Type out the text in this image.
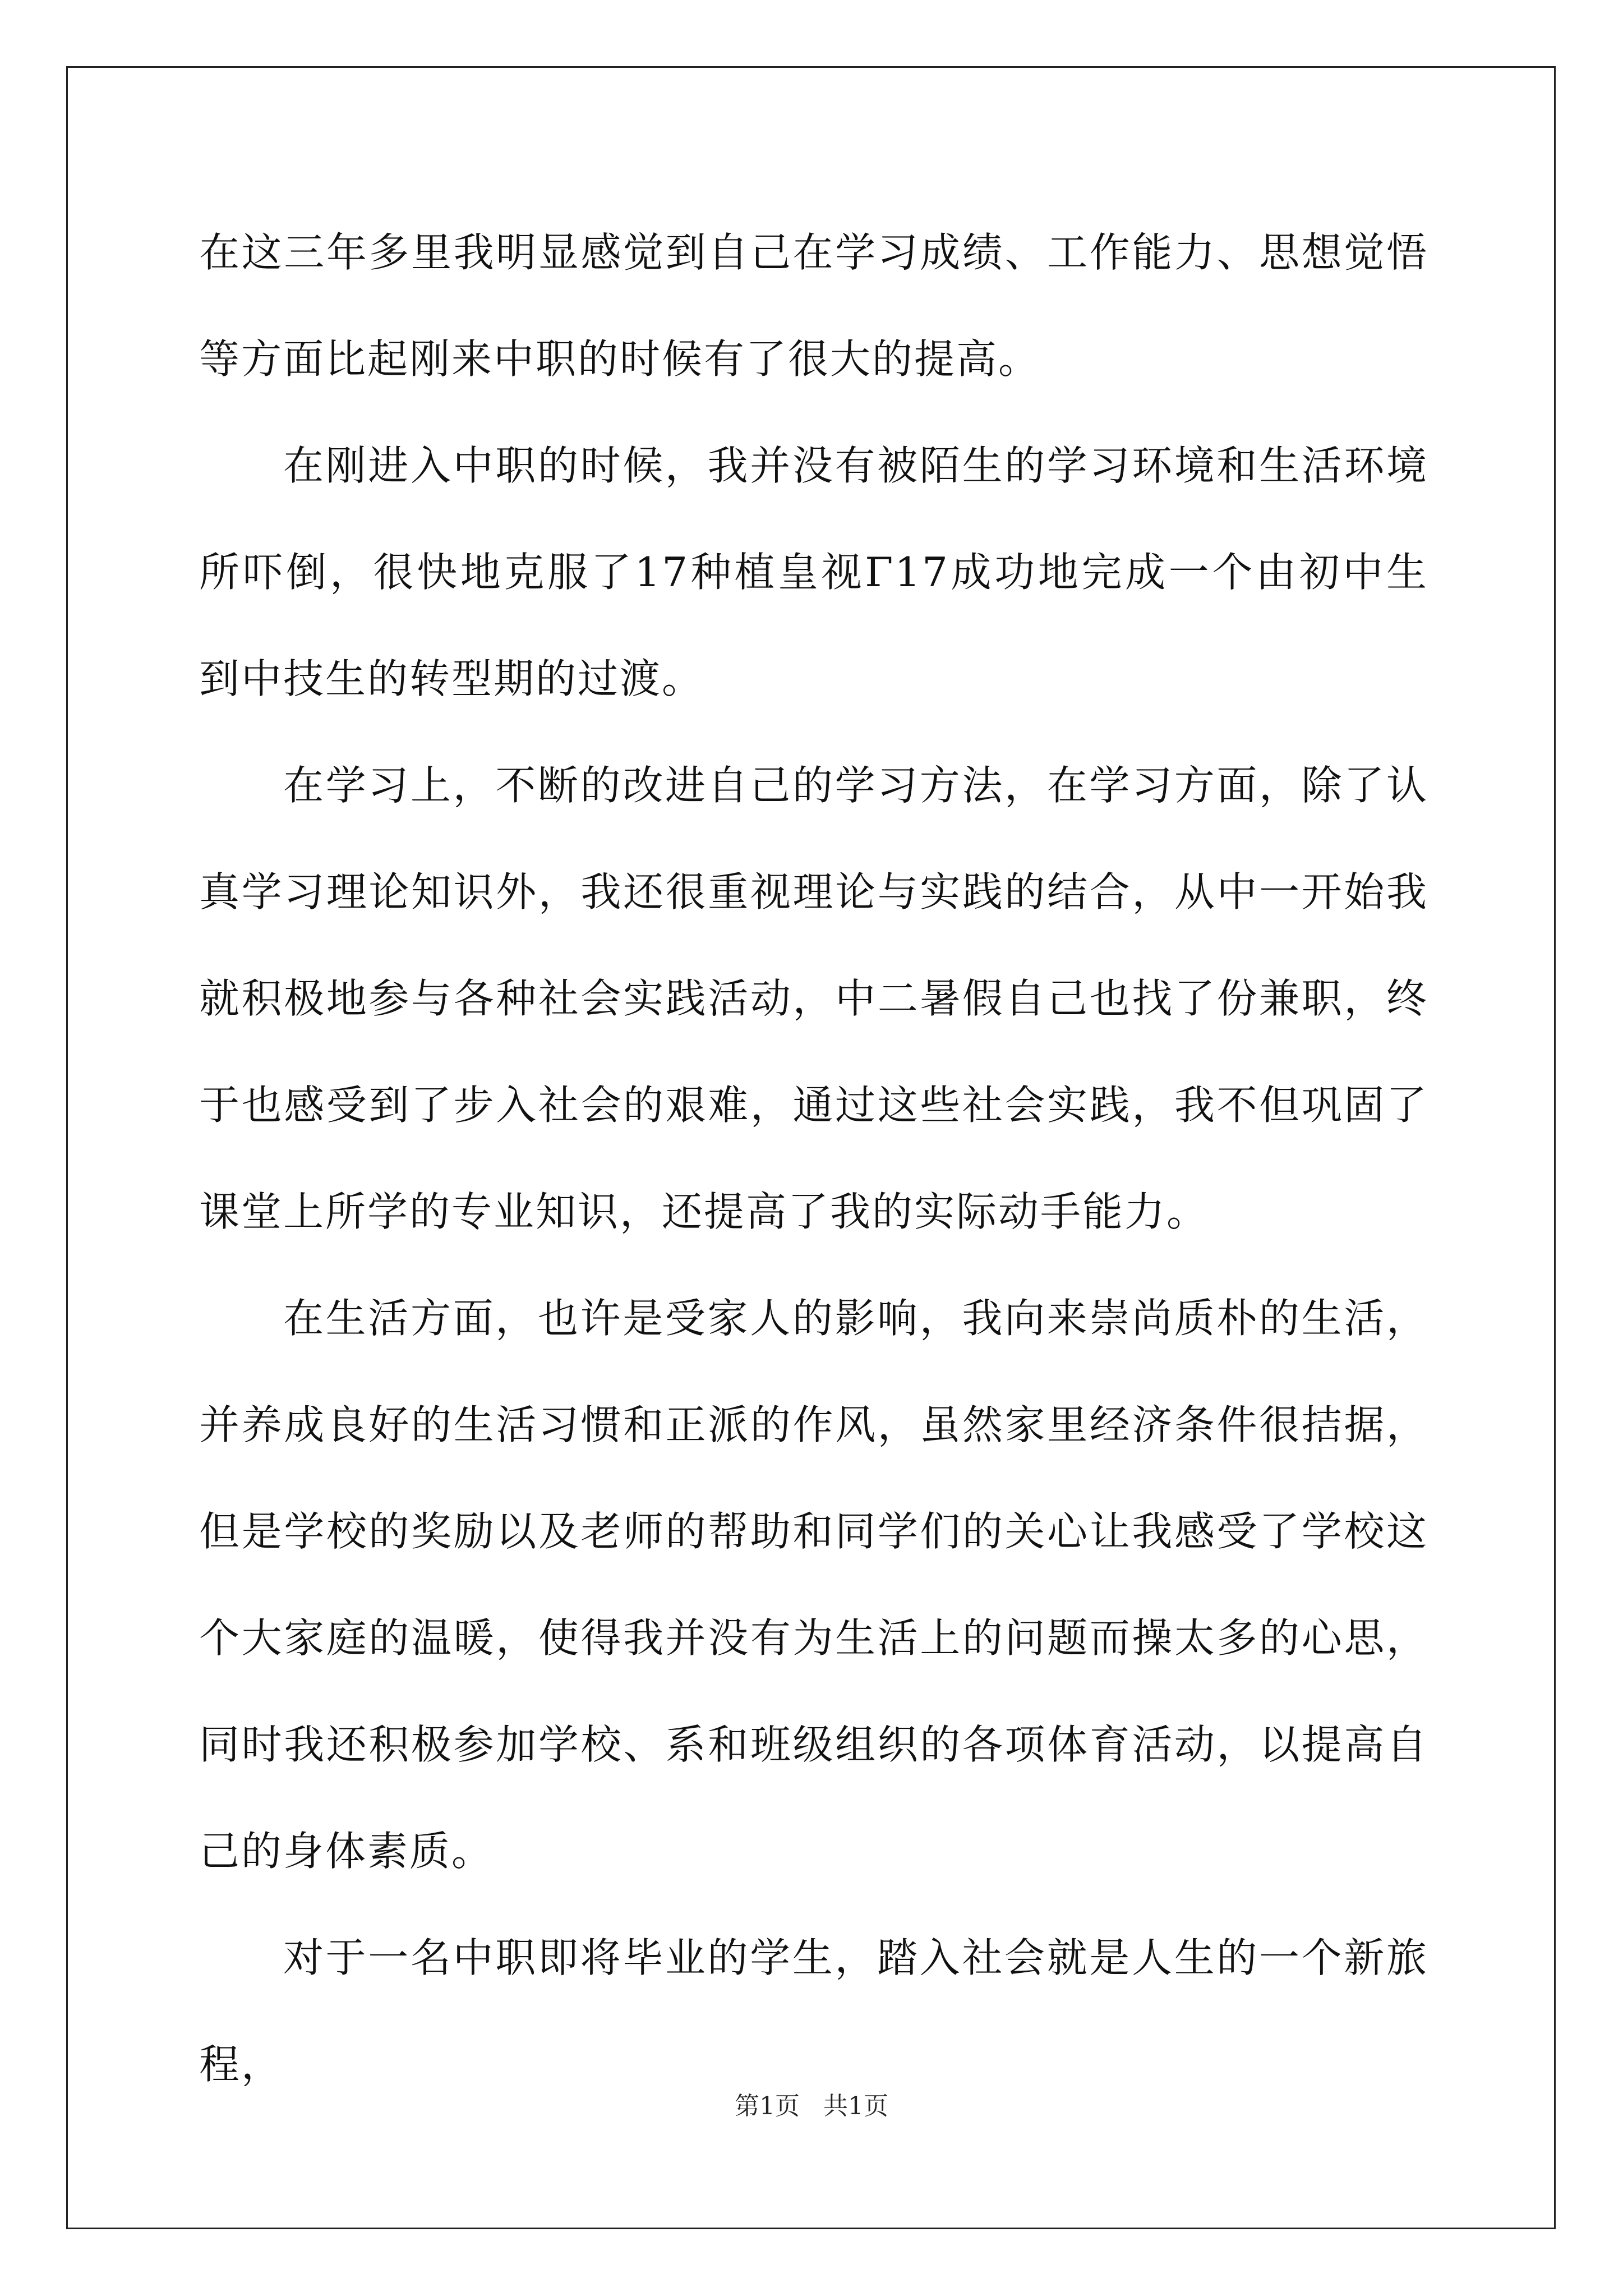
在这三年多里我明显感觉到自己在学习成绩、工作能力、思想觉悟等方面比起刚来中职的时候有了很大的提高。

在刚进入中职的时候，我并没有被陌生的学习环境和生活环境所吓倒，很快地克服了17种植皇视Γ17成功地完成一个由初中生到中技生的转型期的过渡。

在学习上，不断的改进自己的学习方法，在学习方面，除了认真学习理论知识外，我还很重视理论与实践的结合，从中一开始我就积极地参与各种社会实践活动，中二暑假自己也找了份兼职，终于也感受到了步入社会的艰难，通过这些社会实践，我不但巩固了课堂上所学的专业知识，还提高了我的实际动手能力。

在生活方面，也许是受家人的影响，我向来崇尚质朴的生活，并养成良好的生活习惯和正派的作风，虽然家里经济条件很拮据，但是学校的奖励以及老师的帮助和同学们的关心让我感受了学校这个大家庭的温暖，使得我并没有为生活上的问题而操太多的心思，同时我还积极参加学校、系和班级组织的各项体育活动，以提高自己的身体素质。

对于一名中职即将毕业的学生，踏入社会就是人生的一个新旅程，

第1页 共1页
